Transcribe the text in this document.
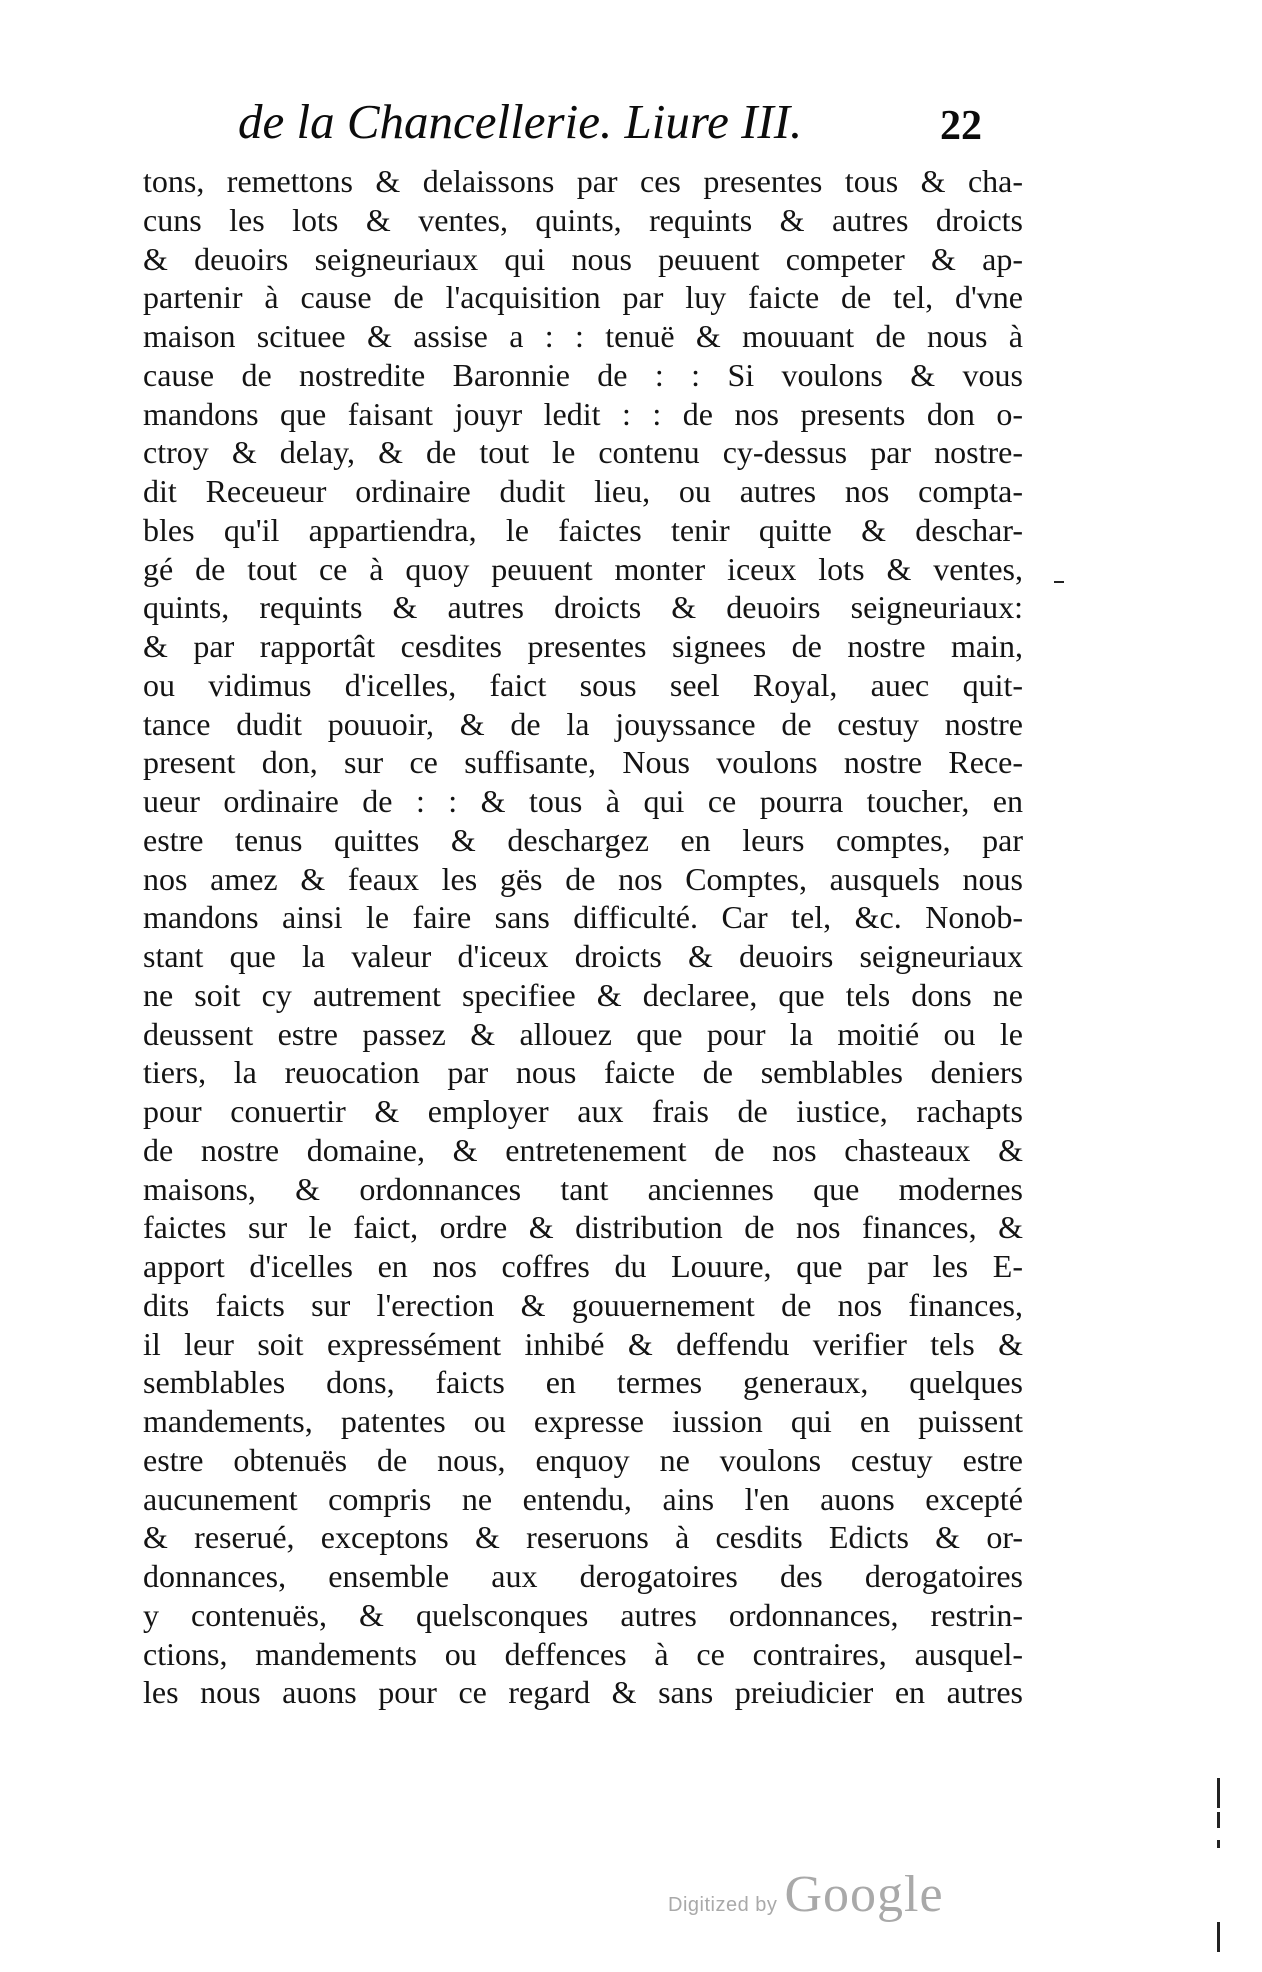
de la Chancellerie. Liure III.	22
tons, remettons & delaissons par ces presentes tous & cha-
cuns les lots & ventes, quints, requints & autres droicts
& deuoirs seigneuriaux qui nous peuuent competer & ap-
partenir à cause de l'acquisition par luy faicte de tel, d'vne
maison scituee & assise a : : tenuë & mouuant de nous à
cause de nostredite Baronnie de : : Si voulons & vous
mandons que faisant jouyr ledit : : de nos presents don o-
ctroy & delay, & de tout le contenu cy-dessus par nostre-
dit Receueur ordinaire dudit lieu, ou autres nos compta-
bles qu'il appartiendra, le faictes tenir quitte & deschar-
gé de tout ce à quoy peuuent monter iceux lots & ventes,
quints, requints & autres droicts & deuoirs seigneuriaux:
& par rapportât cesdites presentes signees de nostre main,
ou vidimus d'icelles, faict sous seel Royal, auec quit-
tance dudit pouuoir, & de la jouyssance de cestuy nostre
present don, sur ce suffisante, Nous voulons nostre Rece-
ueur ordinaire de : : & tous à qui ce pourra toucher, en
estre tenus quittes & deschargez en leurs comptes, par
nos amez & feaux les gës de nos Comptes, ausquels nous
mandons ainsi le faire sans difficulté. Car tel, &c. Nonob-
stant que la valeur d'iceux droicts & deuoirs seigneuriaux
ne soit cy autrement specifiee & declaree, que tels dons ne
deussent estre passez & allouez que pour la moitié ou le
tiers, la reuocation par nous faicte de semblables deniers
pour conuertir & employer aux frais de iustice, rachapts
de nostre domaine, & entretenement de nos chasteaux &
maisons, & ordonnances tant anciennes que modernes
faictes sur le faict, ordre & distribution de nos finances, &
apport d'icelles en nos coffres du Louure, que par les E-
dits faicts sur l'erection & gouuernement de nos finances,
il leur soit expressément inhibé & deffendu verifier tels &
semblables dons, faicts en termes generaux, quelques
mandements, patentes ou expresse iussion qui en puissent
estre obtenuës de nous, enquoy ne voulons cestuy estre
aucunement compris ne entendu, ains l'en auons excepté
& reserué, exceptons & reseruons à cesdits Edicts & or-
donnances, ensemble aux derogatoires des derogatoires
y contenuës, & quelsconques autres ordonnances, restrin-
ctions, mandements ou deffences à ce contraires, ausquel-
les nous auons pour ce regard & sans preiudicier en autres
Digitized by Google
